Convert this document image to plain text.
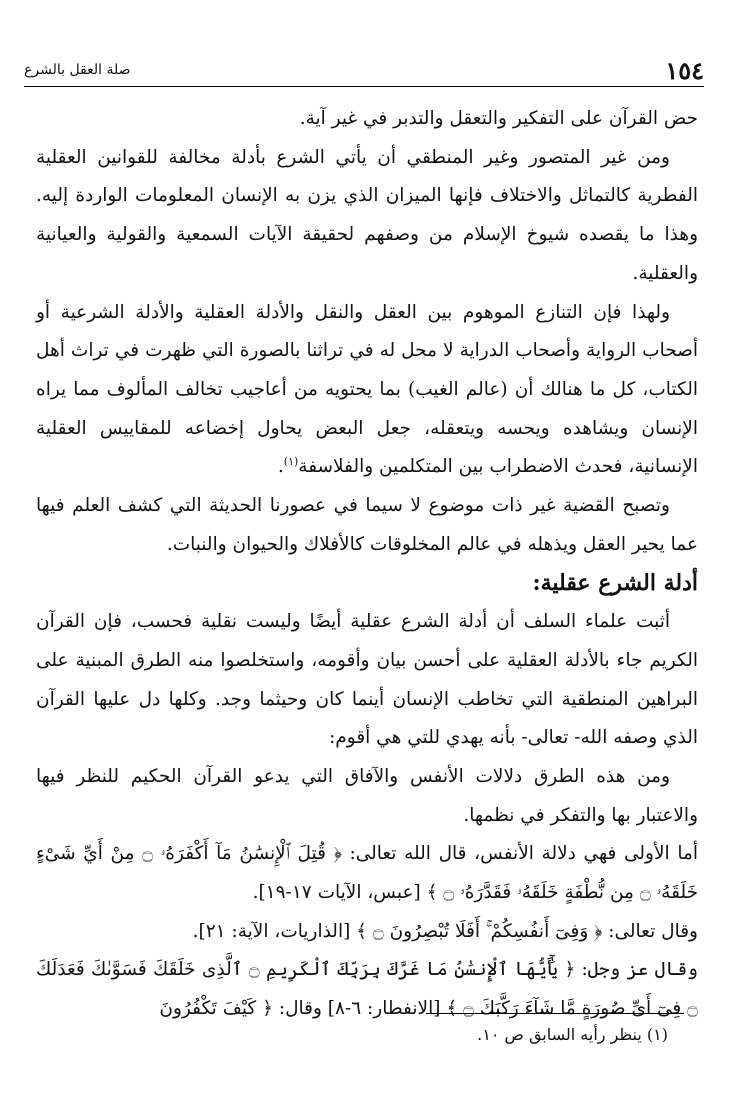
١٥٤
صلة العقل بالشرع

حض القرآن على التفكير والتعقل والتدبر في غير آية.

ومن غير المتصور وغير المنطقي أن يأتي الشرع بأدلة مخالفة للقوانين العقلية الفطرية كالتماثل والاختلاف فإنها الميزان الذي يزن به الإنسان المعلومات الواردة إليه. وهذا ما يقصده شيوخ الإسلام من وصفهم لحقيقة الآيات السمعية والقولية والعيانية والعقلية.

ولهذا فإن التنازع الموهوم بين العقل والنقل والأدلة العقلية والأدلة الشرعية أو أصحاب الرواية وأصحاب الدراية لا محل له في تراثنا بالصورة التي ظهرت في تراث أهل الكتاب، كل ما هنالك أن (عالم الغيب) بما يحتويه من أعاجيب تخالف المألوف مما يراه الإنسان ويشاهده ويحسه ويتعقله، جعل البعض يحاول إخضاعه للمقاييس العقلية الإنسانية، فحدث الاضطراب بين المتكلمين والفلاسفة$^{(١)}$.

وتصبح القضية غير ذات موضوع لا سيما في عصورنا الحديثة التي كشف العلم فيها عما يحير العقل ويذهله في عالم المخلوقات كالأفلاك والحيوان والنبات.

أدلة الشرع عقلية:

أثبت علماء السلف أن أدلة الشرع عقلية أيضًا وليست نقلية فحسب، فإن القرآن الكريم جاء بالأدلة العقلية على أحسن بيان وأقومه، واستخلصوا منه الطرق المبنية على البراهين المنطقية التي تخاطب الإنسان أينما كان وحيثما وجد. وكلها دل عليها القرآن الذي وصفه الله- تعالى- بأنه يهدي للتي هي أقوم:

ومن هذه الطرق دلالات الأنفس والآفاق التي يدعو القرآن الحكيم للنظر فيها والاعتبار بها والتفكر في نظمها.

أما الأولى فهي دلالة الأنفس، قال الله تعالى: ﴿ قُتِلَ ٱلْإِنسَٰنُ مَآ أَكْفَرَهُۥ ۝ مِنْ أَيِّ شَىْءٍ خَلَقَهُۥ ۝ مِن نُّطْفَةٍ خَلَقَهُۥ فَقَدَّرَهُۥ ۝ ﴾ [عبس، الآيات ١٧-١٩].

وقال تعالى: ﴿ وَفِىٓ أَنفُسِكُمْ ۚ أَفَلَا تُبْصِرُونَ ۝ ﴾ [الذاريات، الآية: ٢١].

وقال عز وجل: ﴿ يَٰٓأَيُّهَا ٱلْإِنسَٰنُ مَا غَرَّكَ بِرَبِّكَ ٱلْكَرِيمِ ۝ ٱلَّذِى خَلَقَكَ فَسَوَّىٰكَ فَعَدَلَكَ ۝ فِىٓ أَىِّ صُورَةٍ مَّا شَآءَ رَكَّبَكَ ۝ ﴾ [الانفطار: ٦-٨] وقال: ﴿ كَيْفَ تَكْفُرُونَ

(١) ينظر رأيه السابق ص ١٠.
